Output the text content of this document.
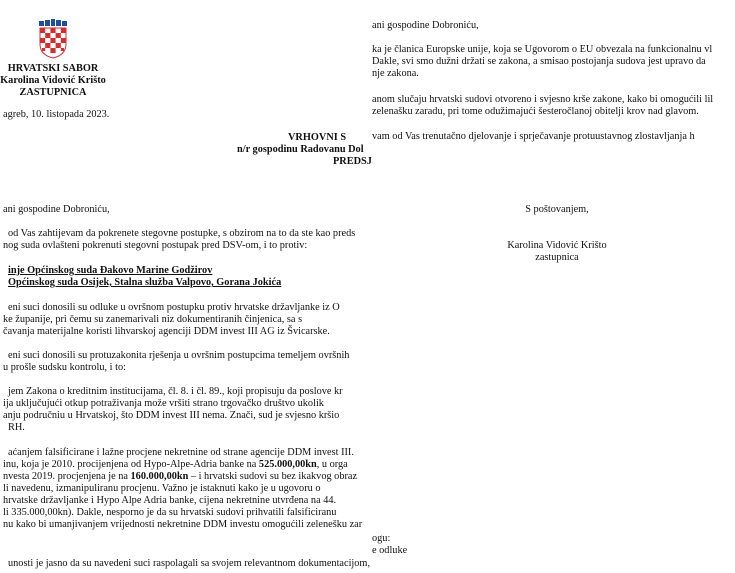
HRVATSKI SABOR
Karolina Vidović Krišto
ZASTUPNICA
agreb, 10. listopada 2023.
VRHOVNI S
n/r gospodinu Radovanu Dol
PREDSJ
ani gospodine Dobroniću,
od Vas zahtijevam da pokrenete stegovne postupke, s obzirom na to da ste kao preds
nog suda ovlašteni pokrenuti stegovni postupak pred DSV-om, i to protiv:
inje Općinskog suda Đakovo Marine Godžirov
Općinskog suda Osijek, Stalna služba Valpovo, Gorana Jokića
eni suci donosili su odluke u ovršnom postupku protiv hrvatske državljanke iz O
ke županije, pri čemu su zanemarivali niz dokumentiranih činjenica, sa s
čavanja materijalne koristi lihvarskoj agenciji DDM invest III AG iz Švicarske.
eni suci donosili su protuzakonita rješenja u ovršnim postupcima temeljem ovršnih
u prošle sudsku kontrolu, i to:
jem Zakona o kreditnim institucijama, čl. 8. i čl. 89., koji propisuju da poslove kr
ija uključujući otkup potraživanja može vršiti strano trgovačko društvo ukolik
anju područniu u Hrvatskoj, što DDM invest III nema. Znači, sud je svjesno kršio
RH.
aćanjem falsificirane i lažne procjene nekretnine od strane agencije DDM invest III.
inu, koja je 2010. procijenjena od Hypo-Alpe-Adria banke na 525.000,00kn, u orga
nvesta 2019. procjenjena je na 160.000,00kn – i hrvatski sudovi su bez ikakvog obraz
li navedenu, izmanipuliranu procjenu. Važno je istaknuti kako je u ugovoru o
hrvatske državljanke i Hypo Alpe Adria banke, cijena nekretnine utvrđena na 44.
li 335.000,00kn). Dakle, nesporno je da su hrvatski sudovi prihvatili falsificiranu
nu kako bi umanjivanjem vrijednosti nekretnine DDM investu omogućili zelenešku zar
unosti je jasno da su navedeni suci raspolagali sa svojem relevantnom dokumentacijom,
ani gospodine Dobroniću,
ka je članica Europske unije, koja se Ugovorom o EU obvezala na funkcionalnu vl
Dakle, svi smo dužni držati se zakona, a smisao postojanja sudova jest upravo da
nje zakona.
anom slučaju hrvatski sudovi otvoreno i svjesno krše zakone, kako bi omogućili lil
zelenašku zaradu, pri tome odužimajući šesteročlanoj obitelji krov nad glavom.
vam od Vas trenutačno djelovanje i sprječavanje protuustavnog zlostavljanja h
S poštovanjem,
Karolina Vidović Krišto
zastupnica
ogu:
e odluke
